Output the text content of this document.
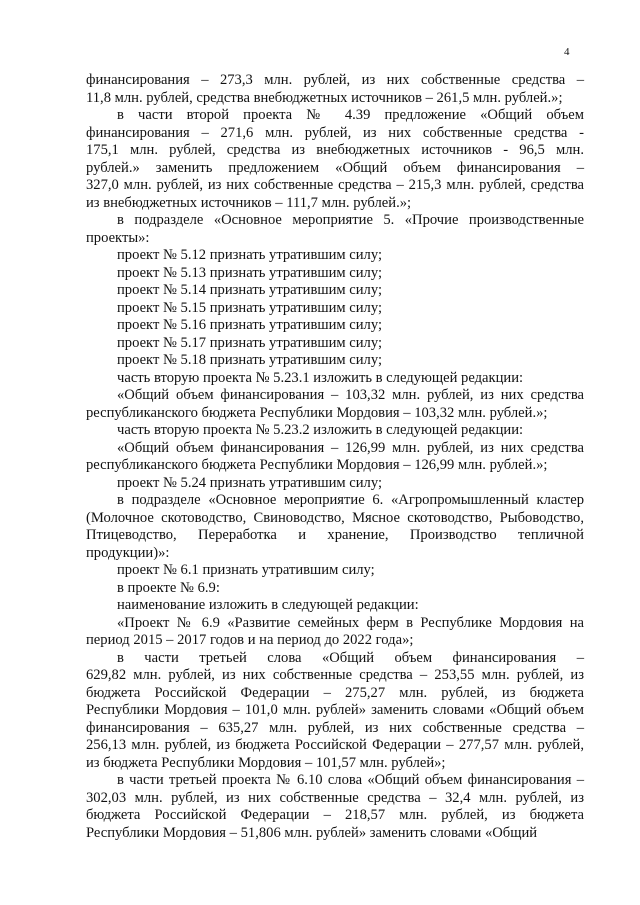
4
финансирования – 273,3 млн. рублей, из них собственные средства –
11,8 млн. рублей, средства внебюджетных источников – 261,5 млн. рублей.»;
в части второй проекта № 4.39 предложение «Общий объем
финансирования – 271,6 млн. рублей, из них собственные средства -
175,1 млн. рублей, средства из внебюджетных источников - 96,5 млн.
рублей.» заменить предложением «Общий объем финансирования –
327,0 млн. рублей, из них собственные средства – 215,3 млн. рублей, средства
из внебюджетных источников – 111,7 млн. рублей.»;
в подразделе «Основное мероприятие 5. «Прочие производственные
проекты»:
проект № 5.12 признать утратившим силу;
проект № 5.13 признать утратившим силу;
проект № 5.14 признать утратившим силу;
проект № 5.15 признать утратившим силу;
проект № 5.16 признать утратившим силу;
проект № 5.17 признать утратившим силу;
проект № 5.18 признать утратившим силу;
часть вторую проекта № 5.23.1 изложить в следующей редакции:
«Общий объем финансирования – 103,32 млн. рублей, из них средства
республиканского бюджета Республики Мордовия – 103,32 млн. рублей.»;
часть вторую проекта № 5.23.2 изложить в следующей редакции:
«Общий объем финансирования – 126,99 млн. рублей, из них средства
республиканского бюджета Республики Мордовия – 126,99 млн. рублей.»;
проект № 5.24 признать утратившим силу;
в подразделе «Основное мероприятие 6. «Агропромышленный кластер
(Молочное скотоводство, Свиноводство, Мясное скотоводство, Рыбоводство,
Птицеводство, Переработка и хранение, Производство тепличной
продукции)»:
проект № 6.1 признать утратившим силу;
в проекте № 6.9:
наименование изложить в следующей редакции:
«Проект № 6.9 «Развитие семейных ферм в Республике Мордовия на
период 2015 – 2017 годов и на период до 2022 года»;
в части третьей слова «Общий объем финансирования –
629,82 млн. рублей, из них собственные средства – 253,55 млн. рублей, из
бюджета Российской Федерации – 275,27 млн. рублей, из бюджета
Республики Мордовия – 101,0 млн. рублей» заменить словами «Общий объем
финансирования – 635,27 млн. рублей, из них собственные средства –
256,13 млн. рублей, из бюджета Российской Федерации – 277,57 млн. рублей,
из бюджета Республики Мордовия – 101,57 млн. рублей»;
в части третьей проекта № 6.10 слова «Общий объем финансирования –
302,03 млн. рублей, из них собственные средства – 32,4 млн. рублей, из
бюджета Российской Федерации – 218,57 млн. рублей, из бюджета
Республики Мордовия – 51,806 млн. рублей» заменить словами «Общий
